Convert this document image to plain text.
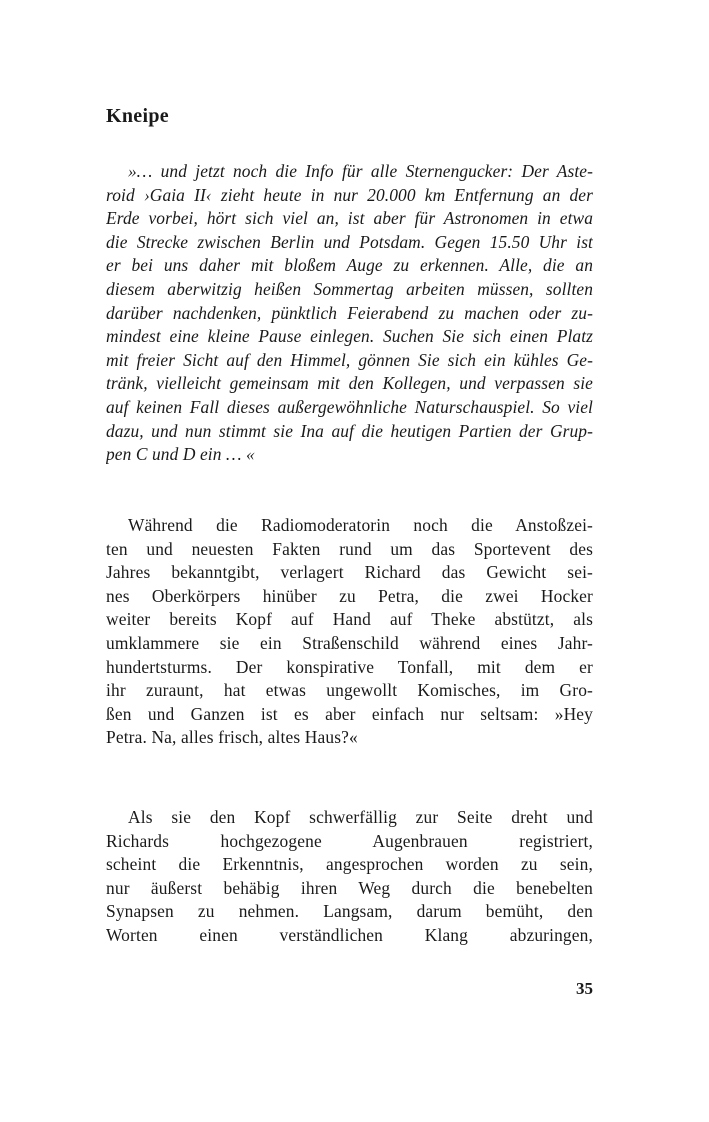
Kneipe
»… und jetzt noch die Info für alle Sternengucker: Der Aste-
roid ›Gaia II‹ zieht heute in nur 20.000 km Entfernung an der
Erde vorbei, hört sich viel an, ist aber für Astronomen in etwa
die Strecke zwischen Berlin und Potsdam. Gegen 15.50 Uhr ist
er bei uns daher mit bloßem Auge zu erkennen. Alle, die an
diesem aberwitzig heißen Sommertag arbeiten müssen, sollten
darüber nachdenken, pünktlich Feierabend zu machen oder zu-
mindest eine kleine Pause einlegen. Suchen Sie sich einen Platz
mit freier Sicht auf den Himmel, gönnen Sie sich ein kühles Ge-
tränk, vielleicht gemeinsam mit den Kollegen, und verpassen sie
auf keinen Fall dieses außergewöhnliche Naturschauspiel. So viel
dazu, und nun stimmt sie Ina auf die heutigen Partien der Grup-
pen C und D ein … «
Während die Radiomoderatorin noch die Anstoßzei-
ten und neuesten Fakten rund um das Sportevent des
Jahres bekanntgibt, verlagert Richard das Gewicht sei-
nes Oberkörpers hinüber zu Petra, die zwei Hocker
weiter bereits Kopf auf Hand auf Theke abstützt, als
umklammere sie ein Straßenschild während eines Jahr-
hundertsturms. Der konspirative Tonfall, mit dem er
ihr zuraunt, hat etwas ungewollt Komisches, im Gro-
ßen und Ganzen ist es aber einfach nur seltsam: »Hey
Petra. Na, alles frisch, altes Haus?«
Als sie den Kopf schwerfällig zur Seite dreht und
Richards hochgezogene Augenbrauen registriert,
scheint die Erkenntnis, angesprochen worden zu sein,
nur äußerst behäbig ihren Weg durch die benebelten
Synapsen zu nehmen. Langsam, darum bemüht, den
Worten einen verständlichen Klang abzuringen,
35
